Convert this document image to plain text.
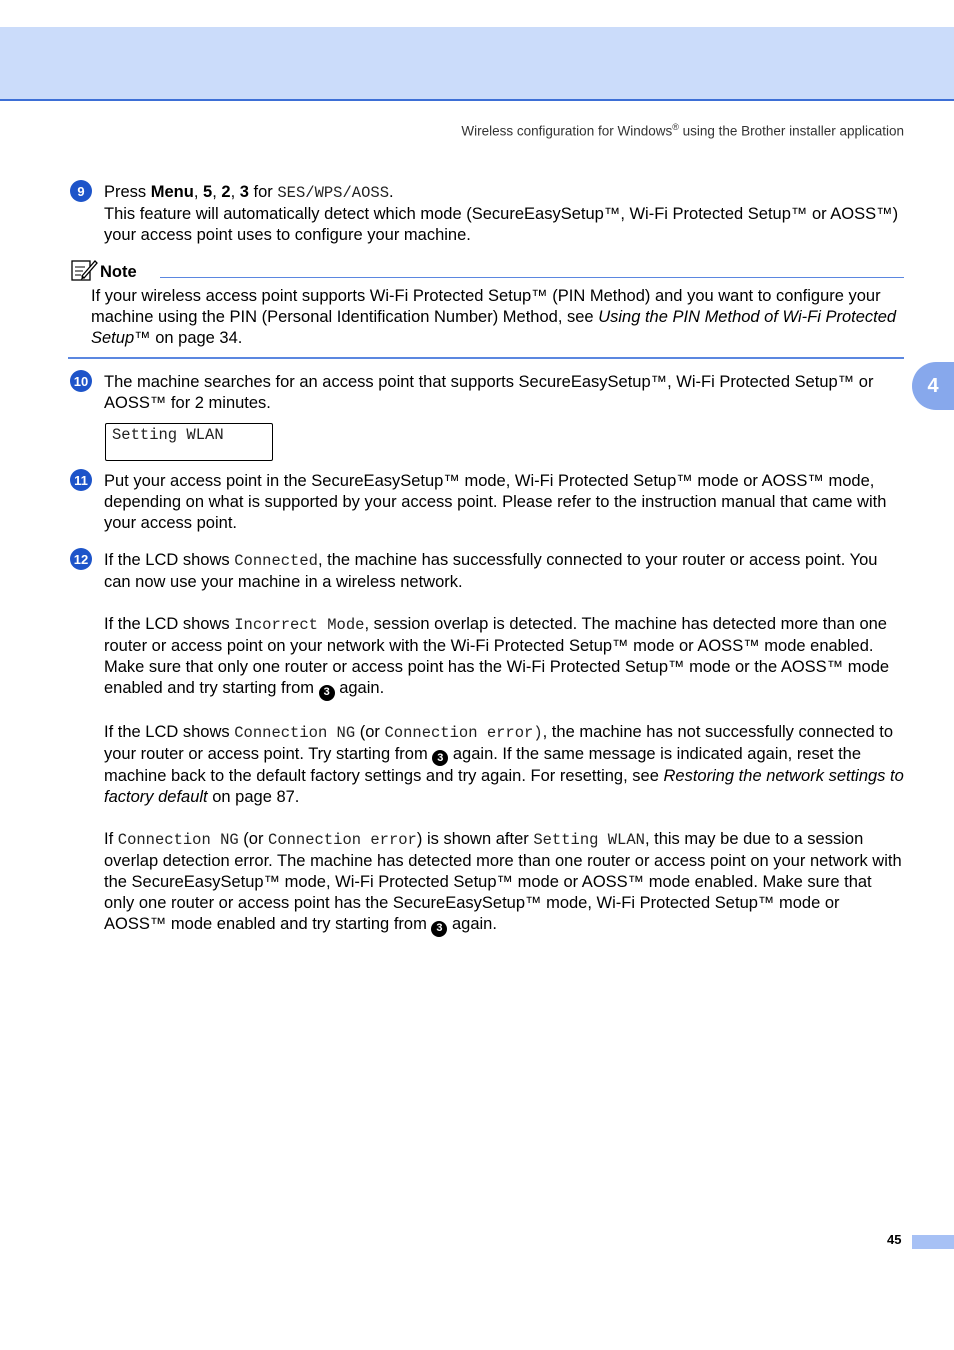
Wireless configuration for Windows® using the Brother installer application
4
9 Press Menu, 5, 2, 3 for SES/WPS/AOSS.

This feature will automatically detect which mode (SecureEasySetup™, Wi-Fi Protected Setup™ or AOSS™) your access point uses to configure your machine.

Note
If your wireless access point supports Wi-Fi Protected Setup™ (PIN Method) and you want to configure your machine using the PIN (Personal Identification Number) Method, see Using the PIN Method of Wi-Fi Protected Setup™ on page 34.
10 The machine searches for an access point that supports SecureEasySetup™, Wi-Fi Protected Setup™ or AOSS™ for 2 minutes.

Setting WLAN
11 Put your access point in the SecureEasySetup™ mode, Wi-Fi Protected Setup™ mode or AOSS™ mode, depending on what is supported by your access point. Please refer to the instruction manual that came with your access point.

12 If the LCD shows Connected, the machine has successfully connected to your router or access point. You can now use your machine in a wireless network.

If the LCD shows Incorrect Mode, session overlap is detected. The machine has detected more than one router or access point on your network with the Wi-Fi Protected Setup™ mode or AOSS™ mode enabled. Make sure that only one router or access point has the Wi-Fi Protected Setup™ mode or the AOSS™ mode enabled and try starting from 3 again.

If the LCD shows Connection NG (or Connection error), the machine has not successfully connected to your router or access point. Try starting from 3 again. If the same message is indicated again, reset the machine back to the default factory settings and try again. For resetting, see Restoring the network settings to factory default on page 87.

If Connection NG (or Connection error) is shown after Setting WLAN, this may be due to a session overlap detection error. The machine has detected more than one router or access point on your network with the SecureEasySetup™ mode, Wi-Fi Protected Setup™ mode or AOSS™ mode enabled. Make sure that only one router or access point has the SecureEasySetup™ mode, Wi-Fi Protected Setup™ mode or AOSS™ mode enabled and try starting from 3 again.

45
